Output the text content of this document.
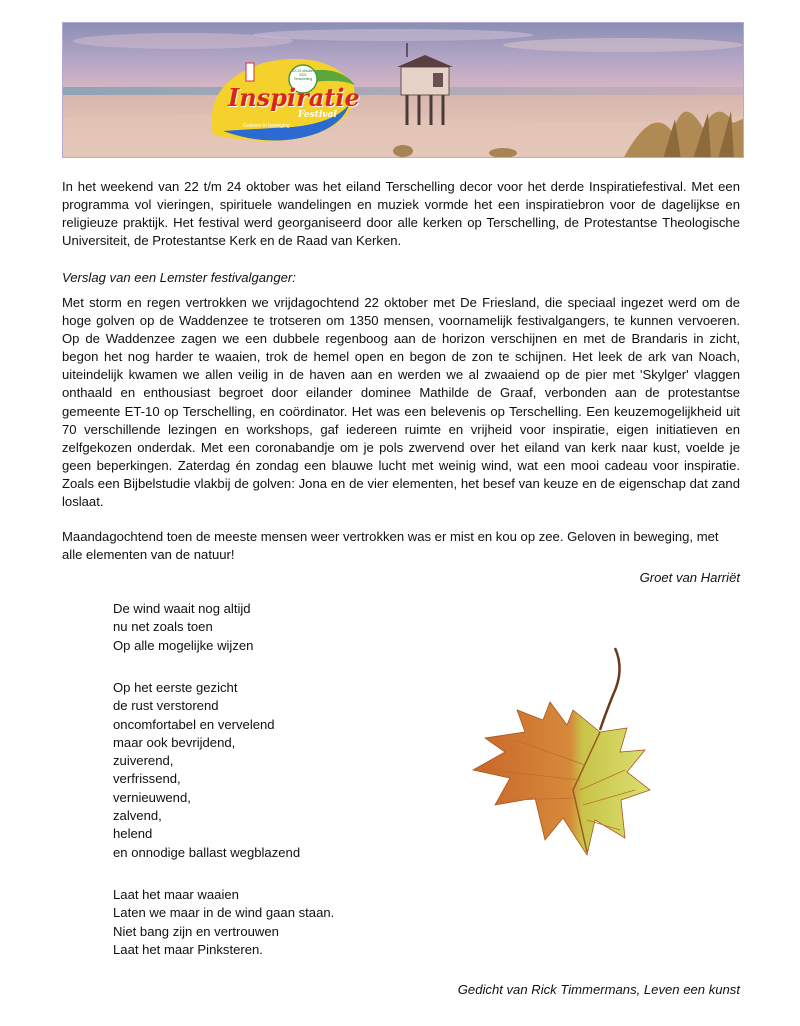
Inspiratie
Festival
Geloven in beweging
22-24 oktober 2021 Terschelling

In het weekend van 22 t/m 24 oktober was het eiland Terschelling decor voor het derde Inspiratiefestival. Met een programma vol vieringen, spirituele wandelingen en muziek vormde het een inspiratiebron voor de dagelijkse en religieuze praktijk. Het festival werd georganiseerd door alle kerken op Terschelling, de Protestantse Theologische Universiteit, de Protestantse Kerk en de Raad van Kerken.

Verslag van een Lemster festivalganger:

Met storm en regen vertrokken we vrijdagochtend 22 oktober met De Friesland, die speciaal ingezet werd om de hoge golven op de Waddenzee te trotseren om 1350 mensen, voornamelijk festivalgangers, te kunnen vervoeren. Op de Waddenzee zagen we een dubbele regenboog aan de horizon verschijnen en met de Brandaris in zicht, begon het nog harder te waaien, trok de hemel open en begon de zon te schijnen. Het leek de ark van Noach, uiteindelijk kwamen we allen veilig in de haven aan en werden we al zwaaiend op de pier met 'Skylger' vlaggen onthaald en enthousiast begroet door eilander dominee Mathilde de Graaf, verbonden aan de protestantse gemeente ET-10 op Terschelling, en coördinator. Het was een belevenis op Terschelling. Een keuzemogelijkheid uit 70 verschillende lezingen en workshops, gaf iedereen ruimte en vrijheid voor inspiratie, eigen initiatieven en zelfgekozen onderdak. Met een coronabandje om je pols zwervend over het eiland van kerk naar kust, voelde je geen beperkingen. Zaterdag én zondag een blauwe lucht met weinig wind, wat een mooi cadeau voor inspiratie. Zoals een Bijbelstudie vlakbij de golven: Jona en de vier elementen, het besef van keuze en de eigenschap dat zand loslaat.

Maandagochtend toen de meeste mensen weer vertrokken was er mist en kou op zee. Geloven in beweging, met alle elementen van de natuur!

Groet van Harriët

De wind waait nog altijd
nu net zoals toen
Op alle mogelijke wijzen
Op het eerste gezicht
de rust verstorend
oncomfortabel en vervelend
maar ook bevrijdend,
zuiverend,
verfrissend,
vernieuwend,
zalvend,
helend
en onnodige ballast wegblazend
Laat het maar waaien
Laten we maar in de wind gaan staan.
Niet bang zijn en vertrouwen
Laat het maar Pinksteren.

Gedicht van Rick Timmermans, Leven een kunst
